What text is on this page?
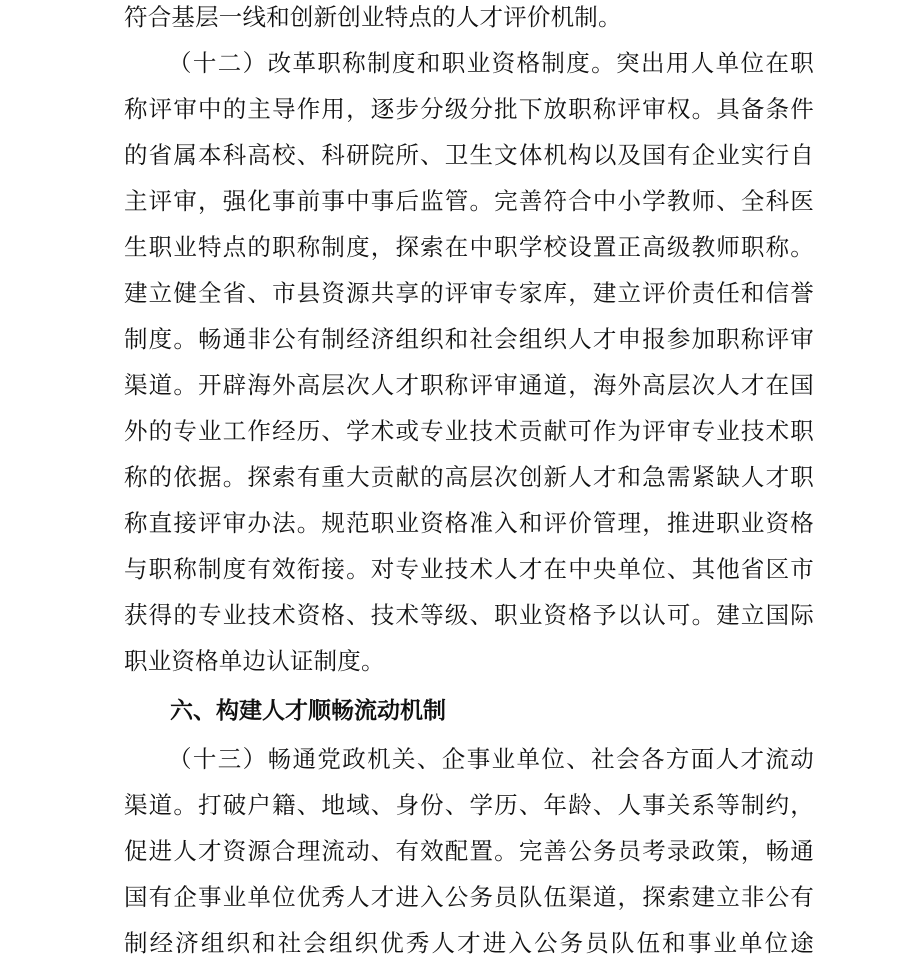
符合基层一线和创新创业特点的人才评价机制。
（十二）改革职称制度和职业资格制度。突出用人单位在职
称评审中的主导作用，逐步分级分批下放职称评审权。具备条件
的省属本科高校、科研院所、卫生文体机构以及国有企业实行自
主评审，强化事前事中事后监管。完善符合中小学教师、全科医
生职业特点的职称制度，探索在中职学校设置正高级教师职称。
建立健全省、市县资源共享的评审专家库，建立评价责任和信誉
制度。畅通非公有制经济组织和社会组织人才申报参加职称评审
渠道。开辟海外高层次人才职称评审通道，海外高层次人才在国
外的专业工作经历、学术或专业技术贡献可作为评审专业技术职
称的依据。探索有重大贡献的高层次创新人才和急需紧缺人才职
称直接评审办法。规范职业资格准入和评价管理，推进职业资格
与职称制度有效衔接。对专业技术人才在中央单位、其他省区市
获得的专业技术资格、技术等级、职业资格予以认可。建立国际
职业资格单边认证制度。
六、构建人才顺畅流动机制
（十三）畅通党政机关、企事业单位、社会各方面人才流动
渠道。打破户籍、地域、身份、学历、年龄、人事关系等制约，
促进人才资源合理流动、有效配置。完善公务员考录政策，畅通
国有企事业单位优秀人才进入公务员队伍渠道，探索建立非公有
制经济组织和社会组织优秀人才进入公务员队伍和事业单位途
